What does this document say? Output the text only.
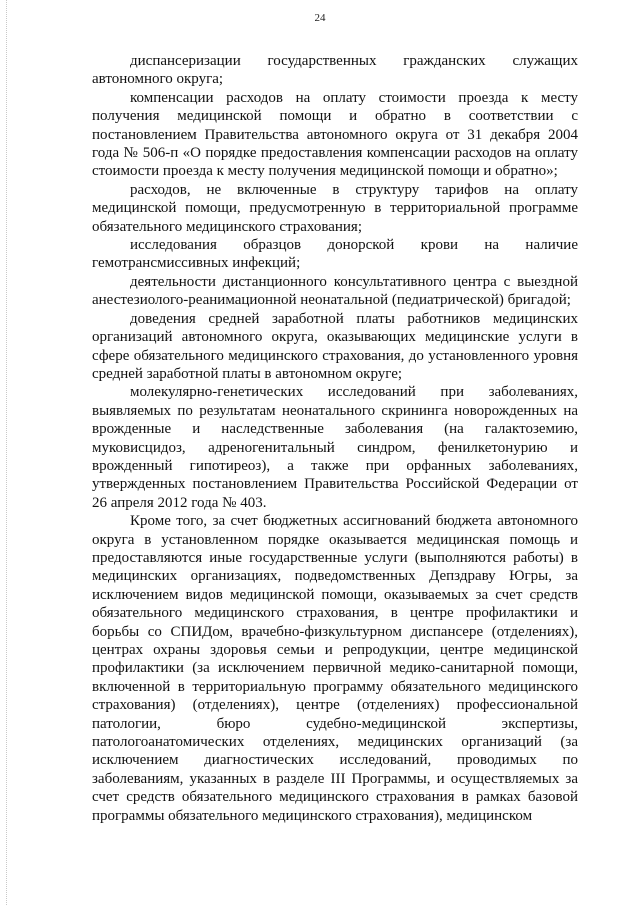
24

диспансеризации государственных гражданских служащих автономного округа;

компенсации расходов на оплату стоимости проезда к месту получения медицинской помощи и обратно в соответствии с постановлением Правительства автономного округа от 31 декабря 2004 года № 506-п «О порядке предоставления компенсации расходов на оплату стоимости проезда к месту получения медицинской помощи и обратно»;

расходов, не включенные в структуру тарифов на оплату медицинской помощи, предусмотренную в территориальной программе обязательного медицинского страхования;

исследования образцов донорской крови на наличие гемотрансмиссивных инфекций;

деятельности дистанционного консультативного центра с выездной анестезиолого-реанимационной неонатальной (педиатрической) бригадой;

доведения средней заработной платы работников медицинских организаций автономного округа, оказывающих медицинские услуги в сфере обязательного медицинского страхования, до установленного уровня средней заработной платы в автономном округе;

молекулярно-генетических исследований при заболеваниях, выявляемых по результатам неонатального скрининга новорожденных на врожденные и наследственные заболевания (на галактоземию, муковисцидоз, адреногенитальный синдром, фенилкетонурию и врожденный гипотиреоз), а также при орфанных заболеваниях, утвержденных постановлением Правительства Российской Федерации от 26 апреля 2012 года № 403.

Кроме того, за счет бюджетных ассигнований бюджета автономного округа в установленном порядке оказывается медицинская помощь и предоставляются иные государственные услуги (выполняются работы) в медицинских организациях, подведомственных Депздраву Югры, за исключением видов медицинской помощи, оказываемых за счет средств обязательного медицинского страхования, в центре профилактики и борьбы со СПИДом, врачебно-физкультурном диспансере (отделениях), центрах охраны здоровья семьи и репродукции, центре медицинской профилактики (за исключением первичной медико-санитарной помощи, включенной в территориальную программу обязательного медицинского страхования) (отделениях), центре (отделениях) профессиональной патологии, бюро судебно-медицинской экспертизы, патологоанатомических отделениях, медицинских организаций (за исключением диагностических исследований, проводимых по заболеваниям, указанных в разделе III Программы, и осуществляемых за счет средств обязательного медицинского страхования в рамках базовой программы обязательного медицинского страхования), медицинском
